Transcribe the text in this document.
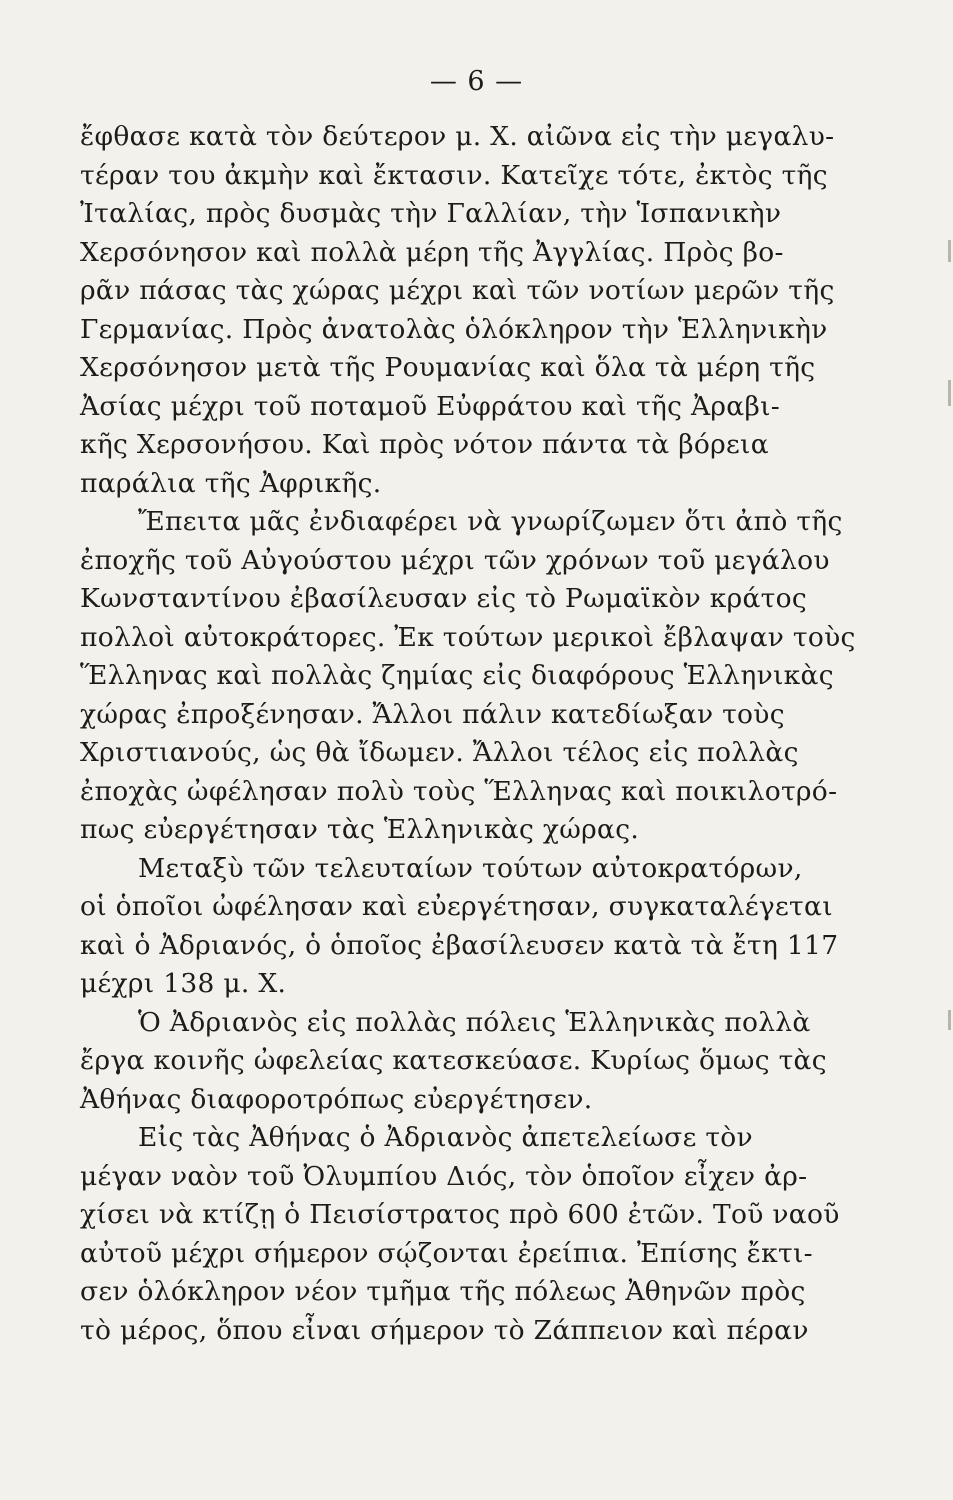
— 6 —
ἔφθασε κατὰ τὸν δεύτερον μ. Χ. αἰῶνα εἰς τὴν μεγαλυ-
τέραν του ἀκμὴν καὶ ἔκτασιν. Κατεῖχε τότε, ἐκτὸς τῆς
Ἰταλίας, πρὸς δυσμὰς τὴν Γαλλίαν, τὴν Ἱσπανικὴν
Χερσόνησον καὶ πολλὰ μέρη τῆς Ἀγγλίας. Πρὸς βο-
ρᾶν πάσας τὰς χώρας μέχρι καὶ τῶν νοτίων μερῶν τῆς
Γερμανίας. Πρὸς ἀνατολὰς ὁλόκληρον τὴν Ἑλληνικὴν
Χερσόνησον μετὰ τῆς Ρουμανίας καὶ ὅλα τὰ μέρη τῆς
Ἀσίας μέχρι τοῦ ποταμοῦ Εὐφράτου καὶ τῆς Ἀραβι-
κῆς Χερσονήσου. Καὶ πρὸς νότον πάντα τὰ βόρεια
παράλια τῆς Ἀφρικῆς.
Ἔπειτα μᾶς ἐνδιαφέρει νὰ γνωρίζωμεν ὅτι ἀπὸ τῆς
ἐποχῆς τοῦ Αὐγούστου μέχρι τῶν χρόνων τοῦ μεγάλου
Κωνσταντίνου ἐβασίλευσαν εἰς τὸ Ρωμαϊκὸν κράτος
πολλοὶ αὐτοκράτορες. Ἐκ τούτων μερικοὶ ἔβλαψαν τοὺς
Ἕλληνας καὶ πολλὰς ζημίας εἰς διαφόρους Ἑλληνικὰς
χώρας ἐπροξένησαν. Ἄλλοι πάλιν κατεδίωξαν τοὺς
Χριστιανούς, ὡς θὰ ἴδωμεν. Ἄλλοι τέλος εἰς πολλὰς
ἐποχὰς ὠφέλησαν πολὺ τοὺς Ἕλληνας καὶ ποικιλοτρό-
πως εὐεργέτησαν τὰς Ἑλληνικὰς χώρας.
Μεταξὺ τῶν τελευταίων τούτων αὐτοκρατόρων,
οἱ ὁποῖοι ὠφέλησαν καὶ εὐεργέτησαν, συγκαταλέγεται
καὶ ὁ Ἀδριανός, ὁ ὁποῖος ἐβασίλευσεν κατὰ τὰ ἔτη 117
μέχρι 138 μ. Χ.
Ὁ Ἀδριανὸς εἰς πολλὰς πόλεις Ἑλληνικὰς πολλὰ
ἔργα κοινῆς ὠφελείας κατεσκεύασε. Κυρίως ὅμως τὰς
Ἀθήνας διαφοροτρόπως εὐεργέτησεν.
Εἰς τὰς Ἀθήνας ὁ Ἀδριανὸς ἀπετελείωσε τὸν
μέγαν ναὸν τοῦ Ὀλυμπίου Διός, τὸν ὁποῖον εἶχεν ἀρ-
χίσει νὰ κτίζῃ ὁ Πεισίστρατος πρὸ 600 ἐτῶν. Τοῦ ναοῦ
αὐτοῦ μέχρι σήμερον σῴζονται ἐρείπια. Ἐπίσης ἔκτι-
σεν ὁλόκληρον νέον τμῆμα τῆς πόλεως Ἀθηνῶν πρὸς
τὸ μέρος, ὅπου εἶναι σήμερον τὸ Ζάππειον καὶ πέραν
